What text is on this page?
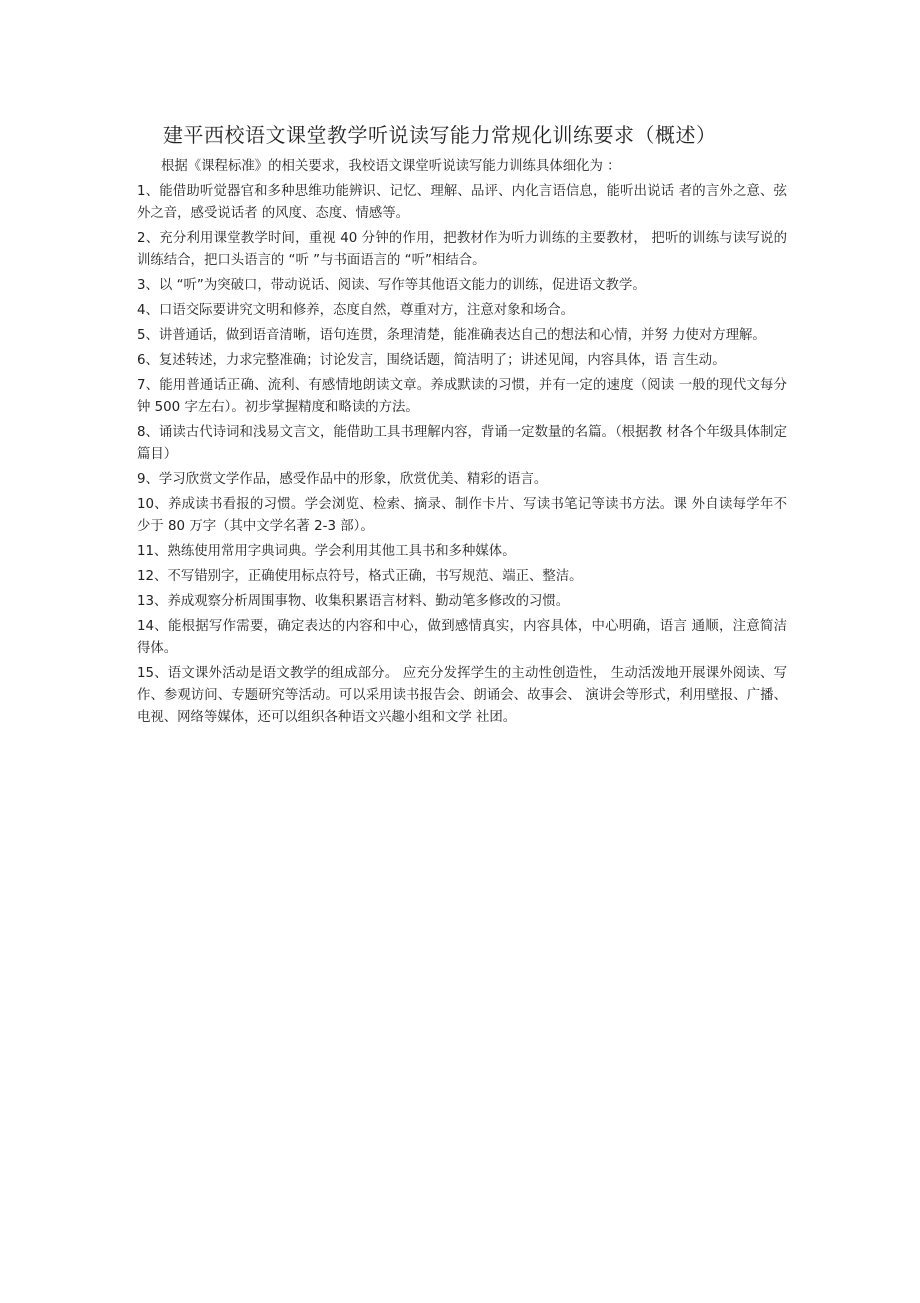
建平西校语文课堂教学听说读写能力常规化训练要求（概述）

根据《课程标准》的相关要求，我校语文课堂听说读写能力训练具体细化为 ：

1、能借助听觉器官和多种思维功能辨识、记忆、理解、品评、内化言语信息，能听出说话 者的言外之意、弦外之音，感受说话者 的风度、态度、情感等。

2、充分利用课堂教学时间，重视 40 分钟的作用，把教材作为听力训练的主要教材， 把听的训练与读写说的训练结合，把口头语言的 “听 ”与书面语言的 “听”相结合。

3、以 “听”为突破口，带动说话、阅读、写作等其他语文能力的训练，促进语文教学。

4、口语交际要讲究文明和修养，态度自然，尊重对方，注意对象和场合。

5、讲普通话，做到语音清晰，语句连贯，条理清楚，能准确表达自己的想法和心情，并努 力使对方理解。

6、复述转述，力求完整准确；讨论发言，围绕话题，简洁明了；讲述见闻，内容具体，语 言生动。

7、能用普通话正确、流利、有感情地朗读文章。养成默读的习惯，并有一定的速度（阅读 一般的现代文每分钟 500 字左右）。初步掌握精度和略读的方法。

8、诵读古代诗词和浅易文言文，能借助工具书理解内容，背诵一定数量的名篇。（根据教 材各个年级具体制定篇目）

9、学习欣赏文学作品，感受作品中的形象，欣赏优美、精彩的语言。

10、养成读书看报的习惯。学会浏览、检索、摘录、制作卡片、写读书笔记等读书方法。课 外自读每学年不少于 80 万字（其中文学名著 2-3 部）。

11、熟练使用常用字典词典。学会利用其他工具书和多种媒体。

12、不写错别字，正确使用标点符号，格式正确，书写规范、端正、整洁。

13、养成观察分析周围事物、收集积累语言材料、勤动笔多修改的习惯。

14、能根据写作需要，确定表达的内容和中心，做到感情真实，内容具体，中心明确，语言 通顺，注意简洁得体。

15、语文课外活动是语文教学的组成部分。 应充分发挥学生的主动性创造性， 生动活泼地开展课外阅读、写作、参观访问、专题研究等活动。可以采用读书报告会、朗诵会、故事会、 演讲会等形式，利用壁报、广播、电视、网络等媒体，还可以组织各种语文兴趣小组和文学 社团。
